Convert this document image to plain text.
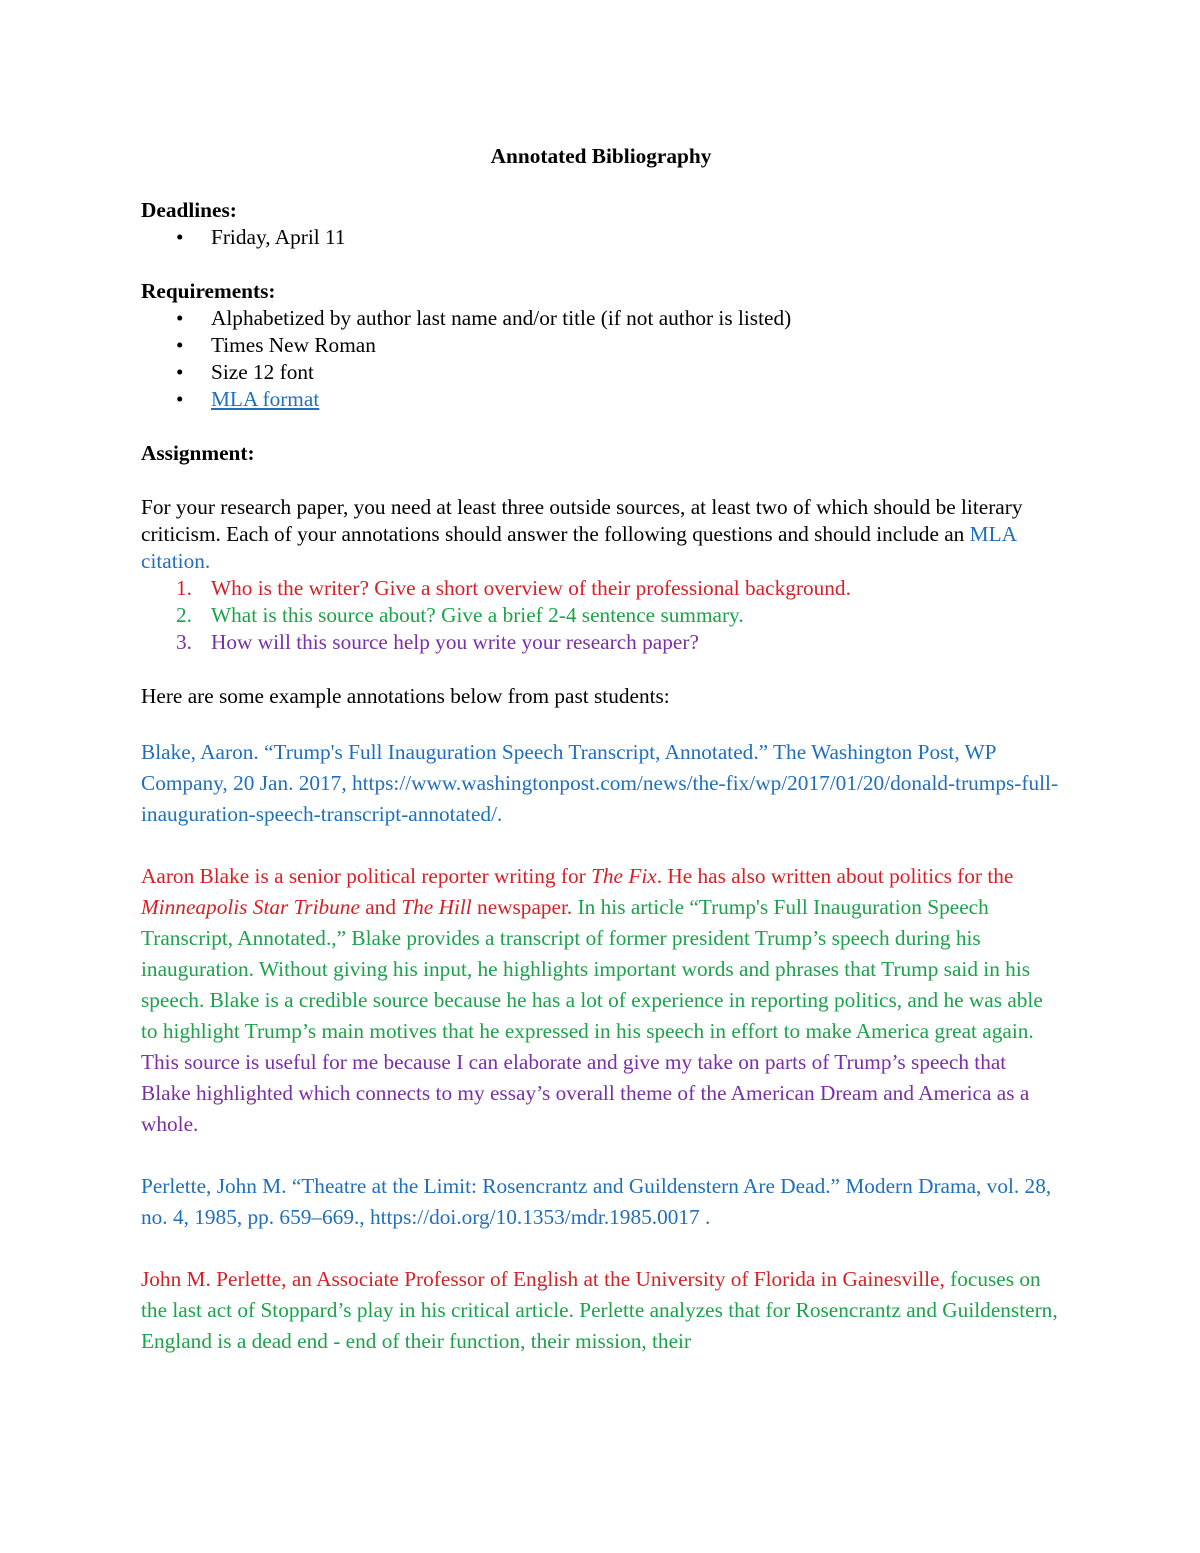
Annotated Bibliography
Deadlines:
• Friday, April 11
Requirements:
• Alphabetized by author last name and/or title (if not author is listed)
• Times New Roman
• Size 12 font
• MLA format
Assignment:

For your research paper, you need at least three outside sources, at least two of which should be literary criticism. Each of your annotations should answer the following questions and should include an MLA citation.

1. Who is the writer? Give a short overview of their professional background.
2. What is this source about? Give a brief 2-4 sentence summary.
3. How will this source help you write your research paper?

Here are some example annotations below from past students:

Blake, Aaron. “Trump's Full Inauguration Speech Transcript, Annotated.” The Washington Post, WP Company, 20 Jan. 2017, https://www.washingtonpost.com/news/the-fix/wp/2017/01/20/donald-trumps-full-inauguration-speech-transcript-annotated/.

Aaron Blake is a senior political reporter writing for The Fix. He has also written about politics for the Minneapolis Star Tribune and The Hill newspaper. In his article “Trump's Full Inauguration Speech Transcript, Annotated.,” Blake provides a transcript of former president Trump’s speech during his inauguration. Without giving his input, he highlights important words and phrases that Trump said in his speech. Blake is a credible source because he has a lot of experience in reporting politics, and he was able to highlight Trump’s main motives that he expressed in his speech in effort to make America great again. This source is useful for me because I can elaborate and give my take on parts of Trump’s speech that Blake highlighted which connects to my essay’s overall theme of the American Dream and America as a whole.

Perlette, John M. “Theatre at the Limit: Rosencrantz and Guildenstern Are Dead.” Modern Drama, vol. 28, no. 4, 1985, pp. 659–669., https://doi.org/10.1353/mdr.1985.0017 .

John M. Perlette, an Associate Professor of English at the University of Florida in Gainesville, focuses on the last act of Stoppard’s play in his critical article. Perlette analyzes that for Rosencrantz and Guildenstern, England is a dead end - end of their function, their mission, their
